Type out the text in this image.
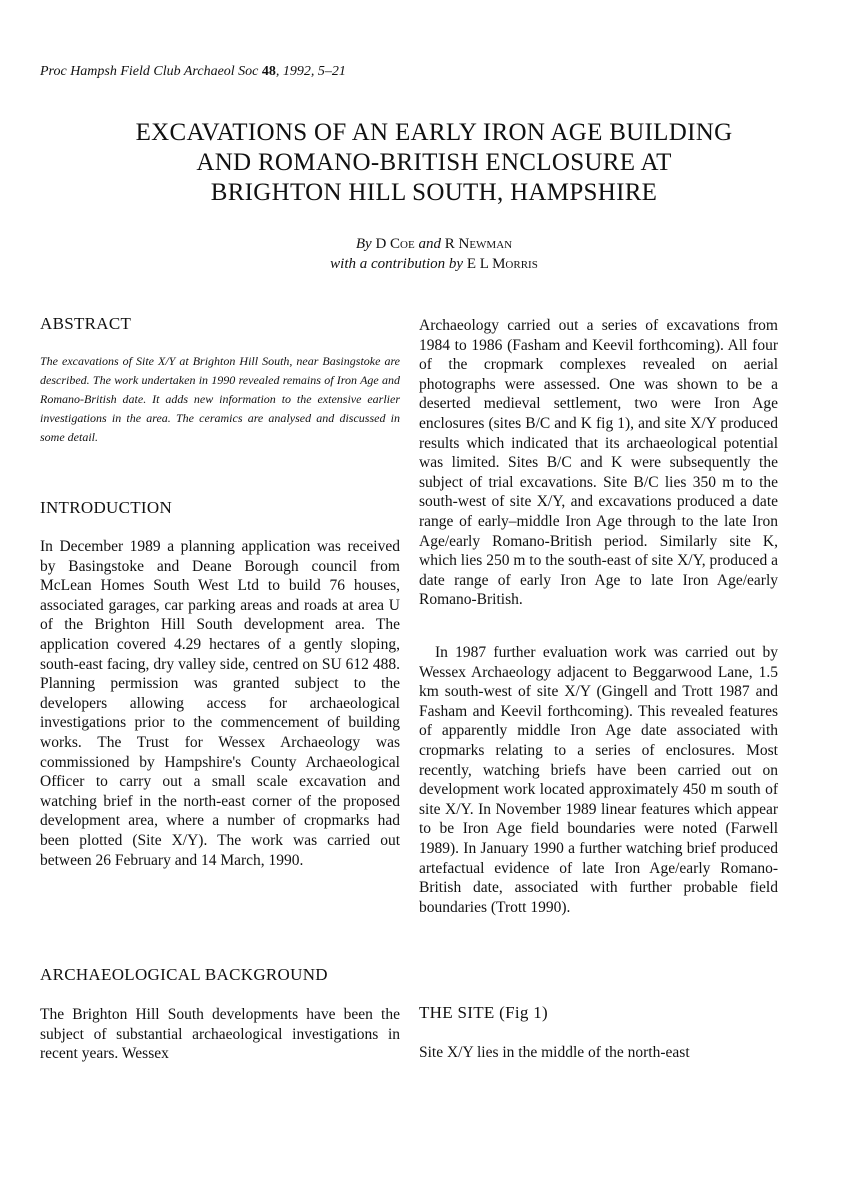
Proc Hampsh Field Club Archaeol Soc 48, 1992, 5–21
EXCAVATIONS OF AN EARLY IRON AGE BUILDING
AND ROMANO-BRITISH ENCLOSURE AT
BRIGHTON HILL SOUTH, HAMPSHIRE
By D Coe and R Newman
with a contribution by E L Morris
ABSTRACT
The excavations of Site X/Y at Brighton Hill South, near Basingstoke are described. The work undertaken in 1990 revealed remains of Iron Age and Romano-British date. It adds new information to the extensive earlier investigations in the area. The ceramics are analysed and discussed in some detail.
INTRODUCTION
In December 1989 a planning application was received by Basingstoke and Deane Borough council from McLean Homes South West Ltd to build 76 houses, associated garages, car parking areas and roads at area U of the Brighton Hill South development area. The application covered 4.29 hectares of a gently sloping, south-east facing, dry valley side, centred on SU 612 488. Planning permission was granted subject to the developers allowing access for archaeological investigations prior to the commencement of building works. The Trust for Wessex Archaeology was commissioned by Hampshire's County Archaeological Officer to carry out a small scale excavation and watching brief in the north-east corner of the proposed development area, where a number of cropmarks had been plotted (Site X/Y). The work was carried out between 26 February and 14 March, 1990.
ARCHAEOLOGICAL BACKGROUND
The Brighton Hill South developments have been the subject of substantial archaeological investigations in recent years. Wessex
Archaeology carried out a series of excavations from 1984 to 1986 (Fasham and Keevil forthcoming). All four of the cropmark complexes revealed on aerial photographs were assessed. One was shown to be a deserted medieval settlement, two were Iron Age enclosures (sites B/C and K fig 1), and site X/Y produced results which indicated that its archaeological potential was limited. Sites B/C and K were subsequently the subject of trial excavations. Site B/C lies 350 m to the south-west of site X/Y, and excavations produced a date range of early–middle Iron Age through to the late Iron Age/early Romano-British period. Similarly site K, which lies 250 m to the south-east of site X/Y, produced a date range of early Iron Age to late Iron Age/early Romano-British.
In 1987 further evaluation work was carried out by Wessex Archaeology adjacent to Beggarwood Lane, 1.5 km south-west of site X/Y (Gingell and Trott 1987 and Fasham and Keevil forthcoming). This revealed features of apparently middle Iron Age date associated with cropmarks relating to a series of enclosures. Most recently, watching briefs have been carried out on development work located approximately 450 m south of site X/Y. In November 1989 linear features which appear to be Iron Age field boundaries were noted (Farwell 1989). In January 1990 a further watching brief produced artefactual evidence of late Iron Age/early Romano-British date, associated with further probable field boundaries (Trott 1990).
THE SITE (Fig 1)
Site X/Y lies in the middle of the north-east
